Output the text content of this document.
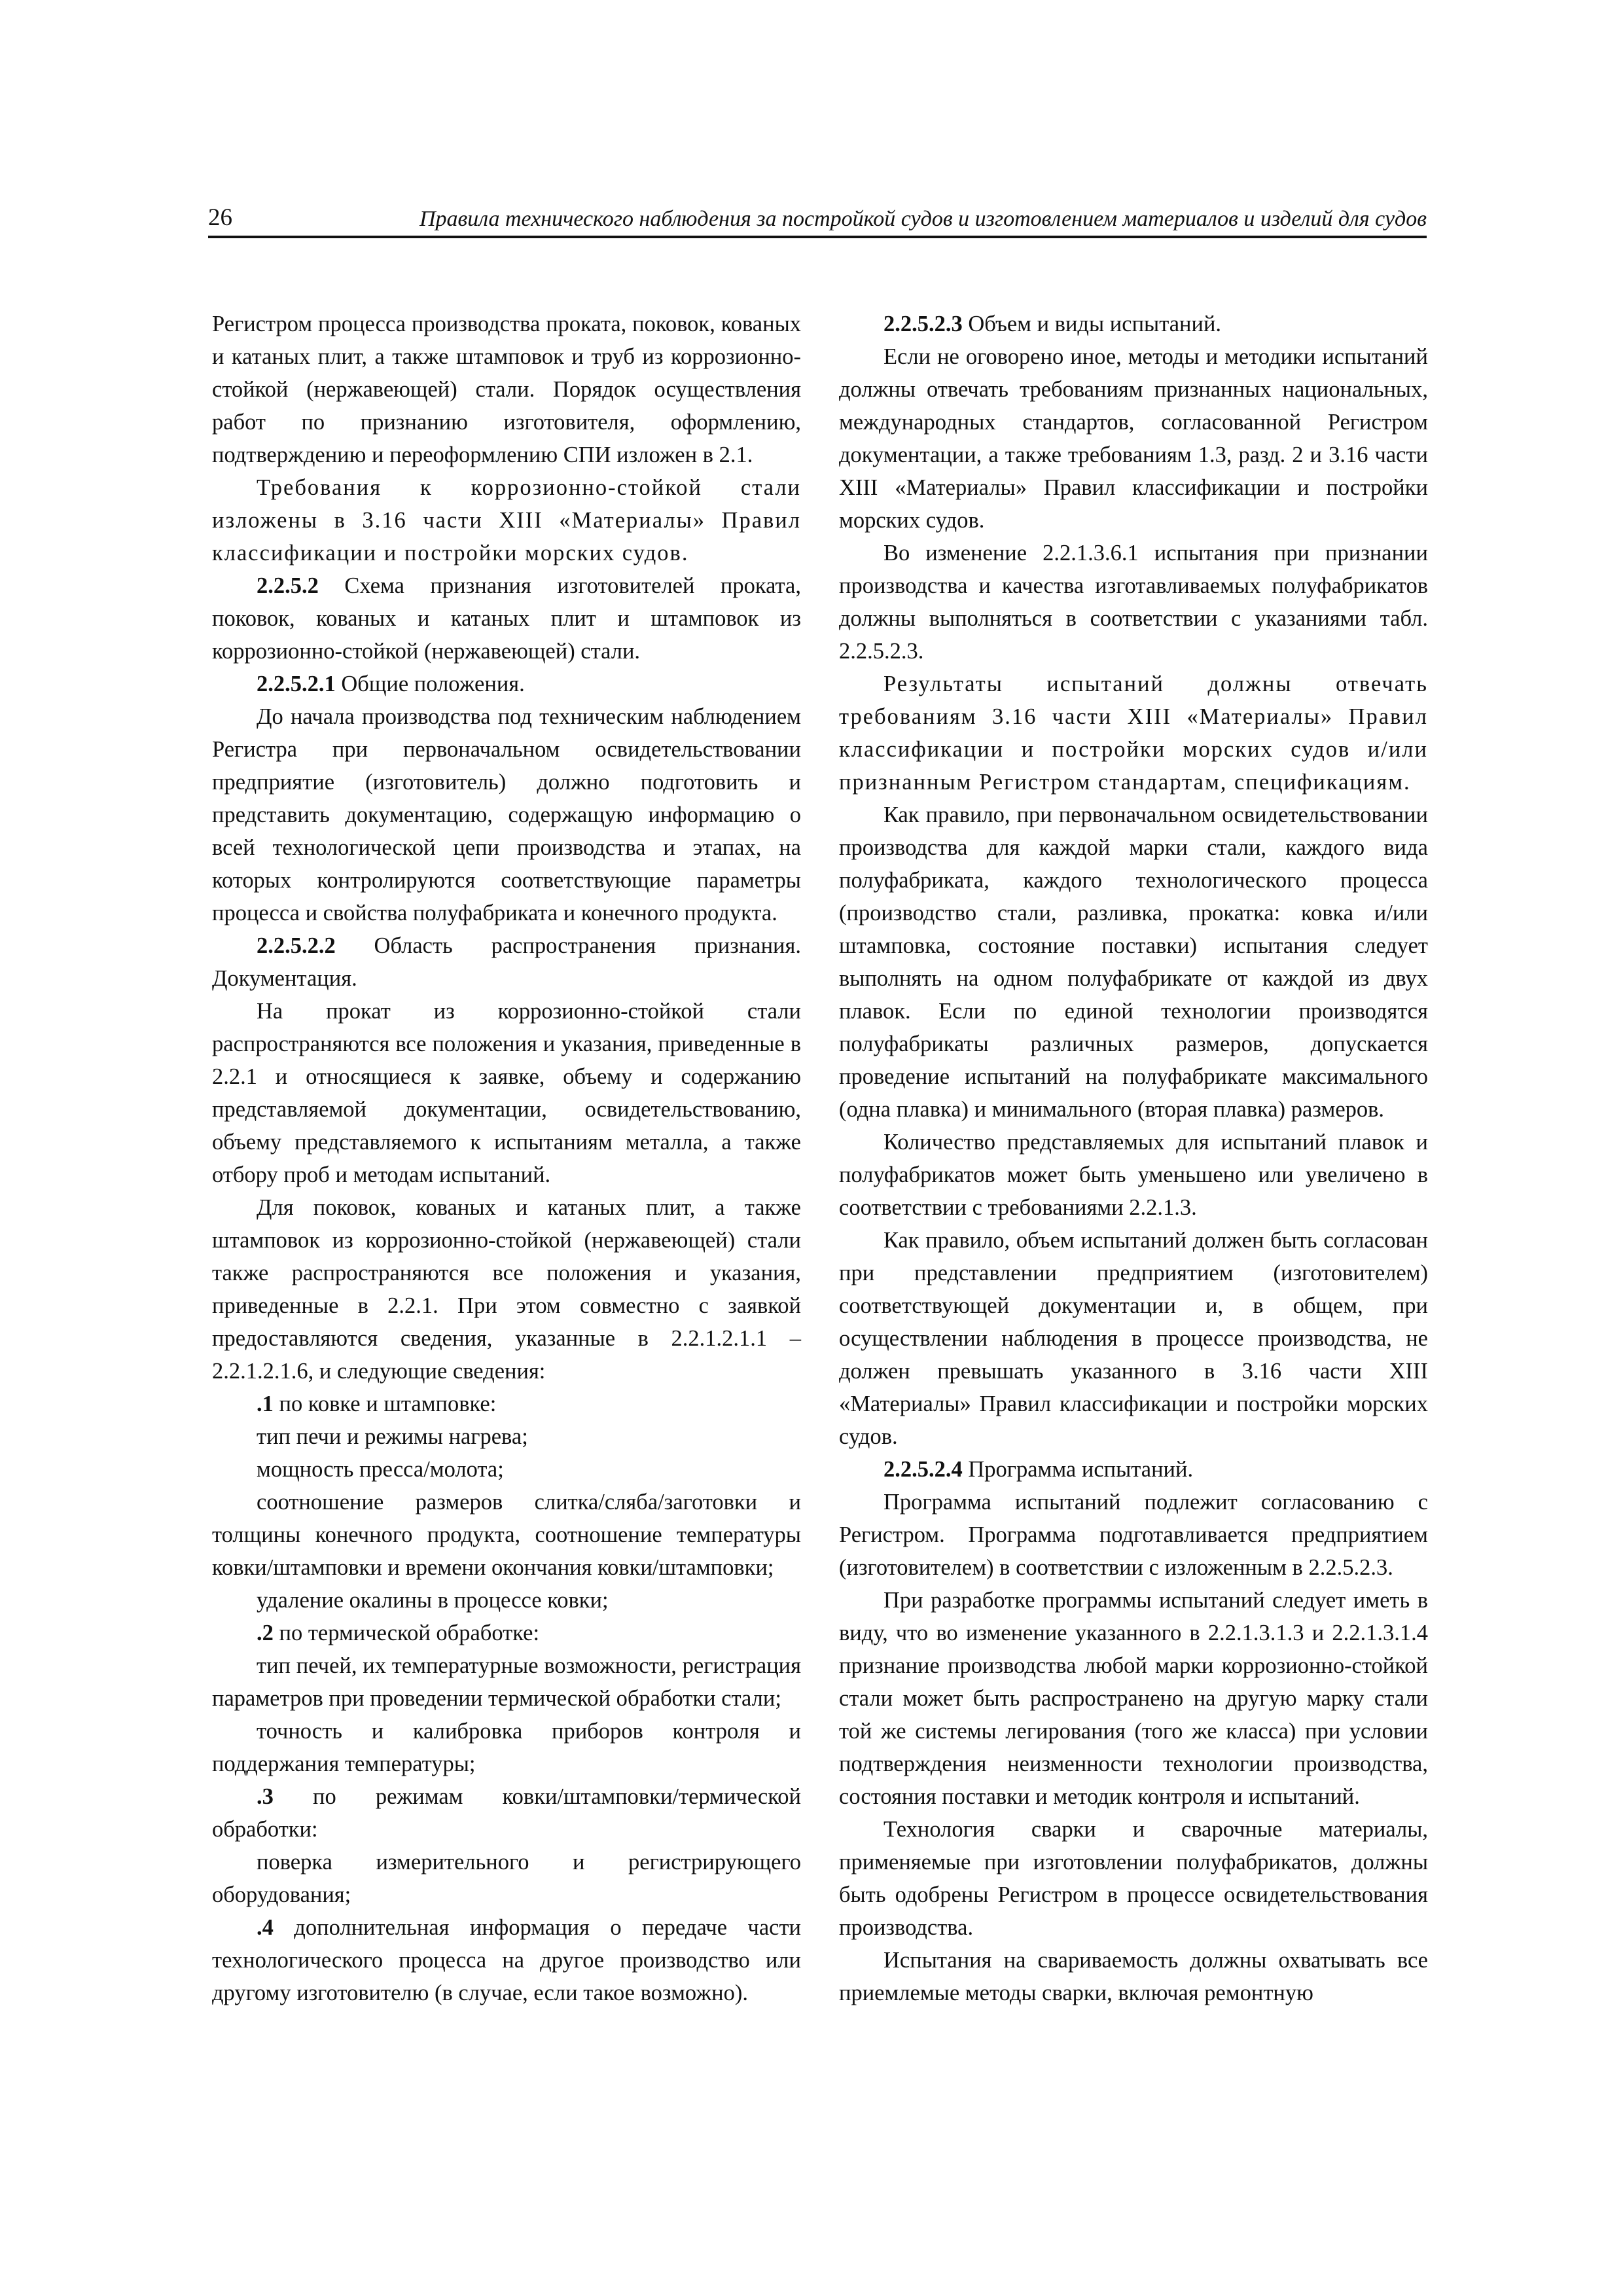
26	Правила технического наблюдения за постройкой судов и изготовлением материалов и изделий для судов

Регистром процесса производства проката, поковок, кованых и катаных плит, а также штамповок и труб из коррозионно-стойкой (нержавеющей) стали. Порядок осуществления работ по признанию изготовителя, оформлению, подтверждению и переоформлению СПИ изложен в 2.1.

Требования к коррозионно-стойкой стали изложены в 3.16 части XIII «Материалы» Правил классификации и постройки морских судов.

2.2.5.2 Схема признания изготовителей проката, поковок, кованых и катаных плит и штамповок из коррозионно-стойкой (нержавеющей) стали.

2.2.5.2.1 Общие положения.

До начала производства под техническим наблюдением Регистра при первоначальном освидетельствовании предприятие (изготовитель) должно подготовить и представить документацию, содержащую информацию о всей технологической цепи производства и этапах, на которых контролируются соответствующие параметры процесса и свойства полуфабриката и конечного продукта.

2.2.5.2.2 Область распространения признания. Документация.

На прокат из коррозионно-стойкой стали распространяются все положения и указания, приведенные в 2.2.1 и относящиеся к заявке, объему и содержанию представляемой документации, освидетельствованию, объему представляемого к испытаниям металла, а также отбору проб и методам испытаний.

Для поковок, кованых и катаных плит, а также штамповок из коррозионно-стойкой (нержавеющей) стали также распространяются все положения и указания, приведенные в 2.2.1. При этом совместно с заявкой предоставляются сведения, указанные в 2.2.1.2.1.1 – 2.2.1.2.1.6, и следующие сведения:

.1 по ковке и штамповке:

тип печи и режимы нагрева;

мощность пресса/молота;

соотношение размеров слитка/сляба/заготовки и толщины конечного продукта, соотношение температуры ковки/штамповки и времени окончания ковки/штамповки;

удаление окалины в процессе ковки;

.2 по термической обработке:

тип печей, их температурные возможности, регистрация параметров при проведении термической обработки стали;

точность и калибровка приборов контроля и поддержания температуры;

.3 по режимам ковки/штамповки/термической обработки:

поверка измерительного и регистрирующего оборудования;

.4 дополнительная информация о передаче части технологического процесса на другое производство или другому изготовителю (в случае, если такое возможно).

2.2.5.2.3 Объем и виды испытаний.

Если не оговорено иное, методы и методики испытаний должны отвечать требованиям признанных национальных, международных стандартов, согласованной Регистром документации, а также требованиям 1.3, разд. 2 и 3.16 части XIII «Материалы» Правил классификации и постройки морских судов.

Во изменение 2.2.1.3.6.1 испытания при признании производства и качества изготавливаемых полуфабрикатов должны выполняться в соответствии с указаниями табл. 2.2.5.2.3.

Результаты испытаний должны отвечать требованиям 3.16 части XIII «Материалы» Правил классификации и постройки морских судов и/или признанным Регистром стандартам, спецификациям.

Как правило, при первоначальном освидетельствовании производства для каждой марки стали, каждого вида полуфабриката, каждого технологического процесса (производство стали, разливка, прокатка: ковка и/или штамповка, состояние поставки) испытания следует выполнять на одном полуфабрикате от каждой из двух плавок. Если по единой технологии производятся полуфабрикаты различных размеров, допускается проведение испытаний на полуфабрикате максимального (одна плавка) и минимального (вторая плавка) размеров.

Количество представляемых для испытаний плавок и полуфабрикатов может быть уменьшено или увеличено в соответствии с требованиями 2.2.1.3.

Как правило, объем испытаний должен быть согласован при представлении предприятием (изготовителем) соответствующей документации и, в общем, при осуществлении наблюдения в процессе производства, не должен превышать указанного в 3.16 части XIII «Материалы» Правил классификации и постройки морских судов.

2.2.5.2.4 Программа испытаний.

Программа испытаний подлежит согласованию с Регистром. Программа подготавливается предприятием (изготовителем) в соответствии с изложенным в 2.2.5.2.3.

При разработке программы испытаний следует иметь в виду, что во изменение указанного в 2.2.1.3.1.3 и 2.2.1.3.1.4 признание производства любой марки коррозионно-стойкой стали может быть распространено на другую марку стали той же системы легирования (того же класса) при условии подтверждения неизменности технологии производства, состояния поставки и методик контроля и испытаний.

Технология сварки и сварочные материалы, применяемые при изготовлении полуфабрикатов, должны быть одобрены Регистром в процессе освидетельствования производства.

Испытания на свариваемость должны охватывать все приемлемые методы сварки, включая ремонтную
